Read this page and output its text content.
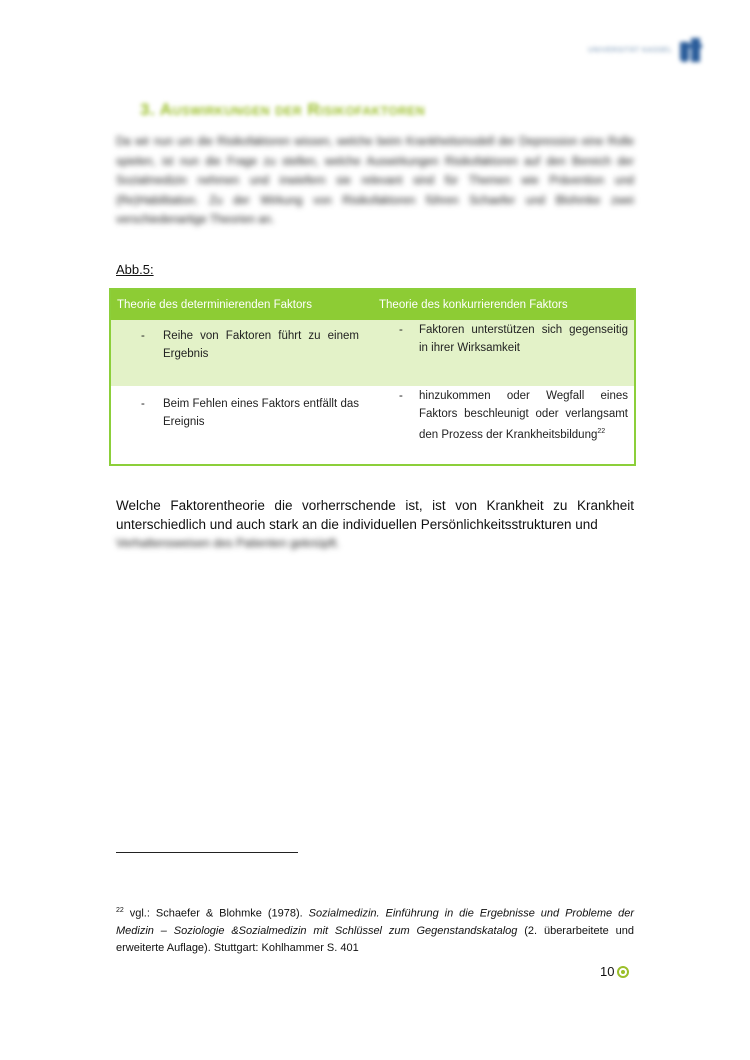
UNIVERSITÄT KASSEL
3. Auswirkungen der Risikofaktoren
Da wir nun um die Risikofaktoren wissen, welche beim Krankheitsmodell der Depression eine Rolle spielen, ist nun die Frage zu stellen, welche Auswirkungen Risikofaktoren auf den Bereich der Sozialmedizin nehmen und inwiefern sie relevant sind für Themen wie Prävention und (Re)Habilitation. Zu der Wirkung von Risikofaktoren führen Schaefer und Blohmke zwei verschiedenartige Theorien an.
Abb.5:
Theorie des determinierenden Faktors	Theorie des konkurrierenden Faktors
- Reihe von Faktoren führt zu einem Ergebnis
- Faktoren unterstützen sich gegenseitig in ihrer Wirksamkeit
- Beim Fehlen eines Faktors entfällt das Ereignis
- hinzukommen oder Wegfall eines Faktors beschleunigt oder verlangsamt den Prozess der Krankheitsbildung$^{22}$
Welche Faktorentheorie die vorherrschende ist, ist von Krankheit zu Krankheit unterschiedlich und auch stark an die individuellen Persönlichkeitsstrukturen und
Verhaltensweisen des Patienten geknüpft.
$^{22}$ vgl.: Schaefer & Blohmke (1978). Sozialmedizin. Einführung in die Ergebnisse und Probleme der Medizin – Soziologie &Sozialmedizin mit Schlüssel zum Gegenstandskatalog (2. überarbeitete und erweiterte Auflage). Stuttgart: Kohlhammer S. 401
10
